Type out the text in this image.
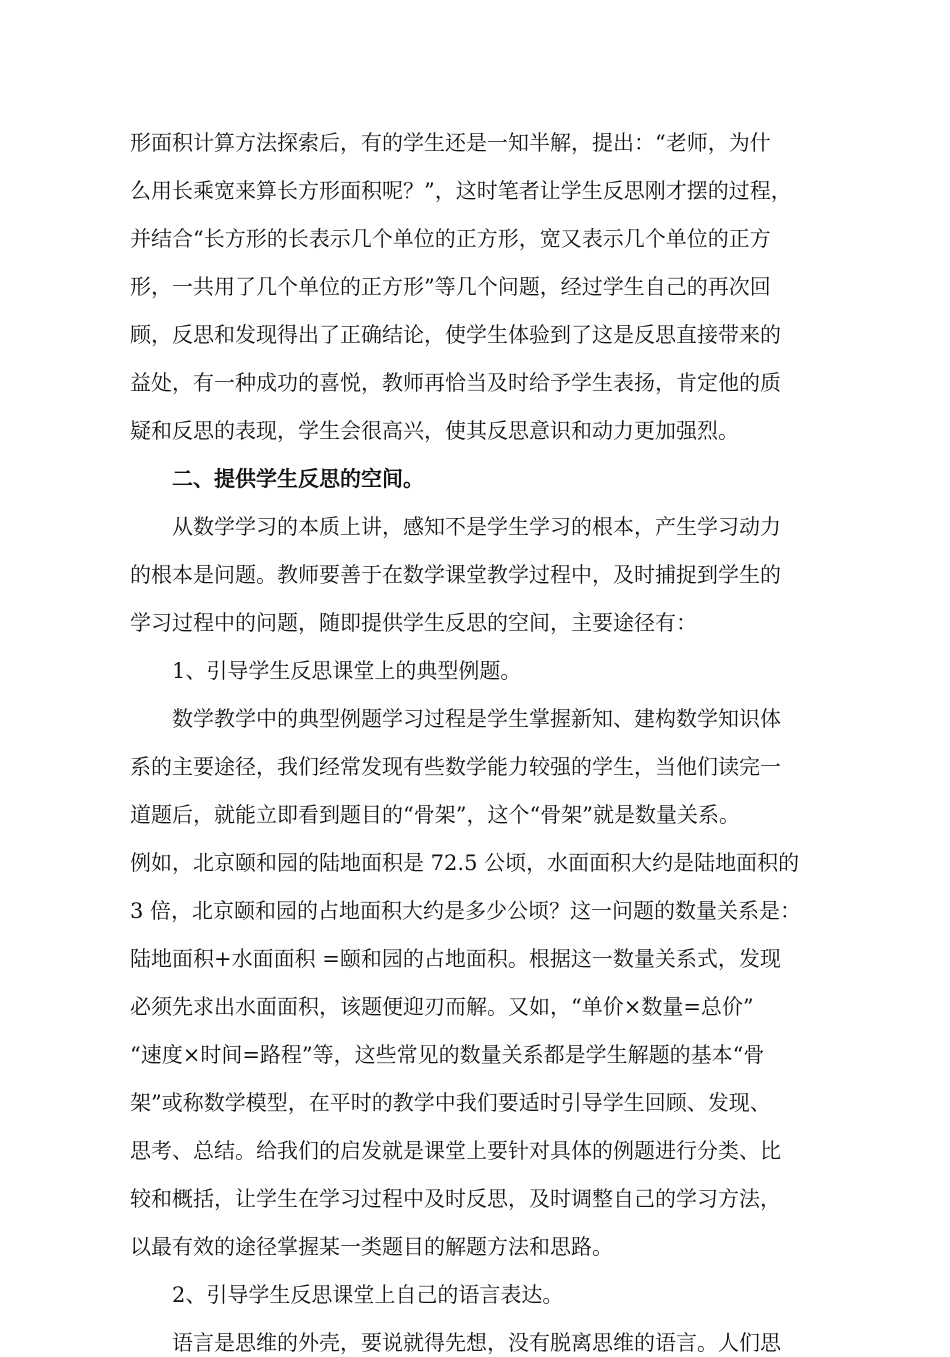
形面积计算方法探索后，有的学生还是一知半解，提出：“老师，为什
么用长乘宽来算长方形面积呢？”，这时笔者让学生反思刚才摆的过程，
并结合“长方形的长表示几个单位的正方形，宽又表示几个单位的正方
形，一共用了几个单位的正方形”等几个问题，经过学生自己的再次回
顾，反思和发现得出了正确结论，使学生体验到了这是反思直接带来的
益处，有一种成功的喜悦，教师再恰当及时给予学生表扬，肯定他的质
疑和反思的表现，学生会很高兴，使其反思意识和动力更加强烈。
二、提供学生反思的空间。
从数学学习的本质上讲，感知不是学生学习的根本，产生学习动力
的根本是问题。教师要善于在数学课堂教学过程中，及时捕捉到学生的
学习过程中的问题，随即提供学生反思的空间，主要途径有：
1、引导学生反思课堂上的典型例题。
数学教学中的典型例题学习过程是学生掌握新知、建构数学知识体
系的主要途径，我们经常发现有些数学能力较强的学生，当他们读完一
道题后，就能立即看到题目的“骨架”，这个“骨架”就是数量关系。
例如，北京颐和园的陆地面积是 72.5 公顷，水面面积大约是陆地面积的
3 倍，北京颐和园的占地面积大约是多少公顷？这一问题的数量关系是：
陆地面积+水面面积 =颐和园的占地面积。根据这一数量关系式，发现
必须先求出水面面积，该题便迎刃而解。又如，“单价×数量=总价”
“速度×时间=路程”等，这些常见的数量关系都是学生解题的基本“骨
架”或称数学模型，在平时的教学中我们要适时引导学生回顾、发现、
思考、总结。给我们的启发就是课堂上要针对具体的例题进行分类、比
较和概括，让学生在学习过程中及时反思，及时调整自己的学习方法，
以最有效的途径掌握某一类题目的解题方法和思路。
2、引导学生反思课堂上自己的语言表达。
语言是思维的外壳，要说就得先想，没有脱离思维的语言。人们思
